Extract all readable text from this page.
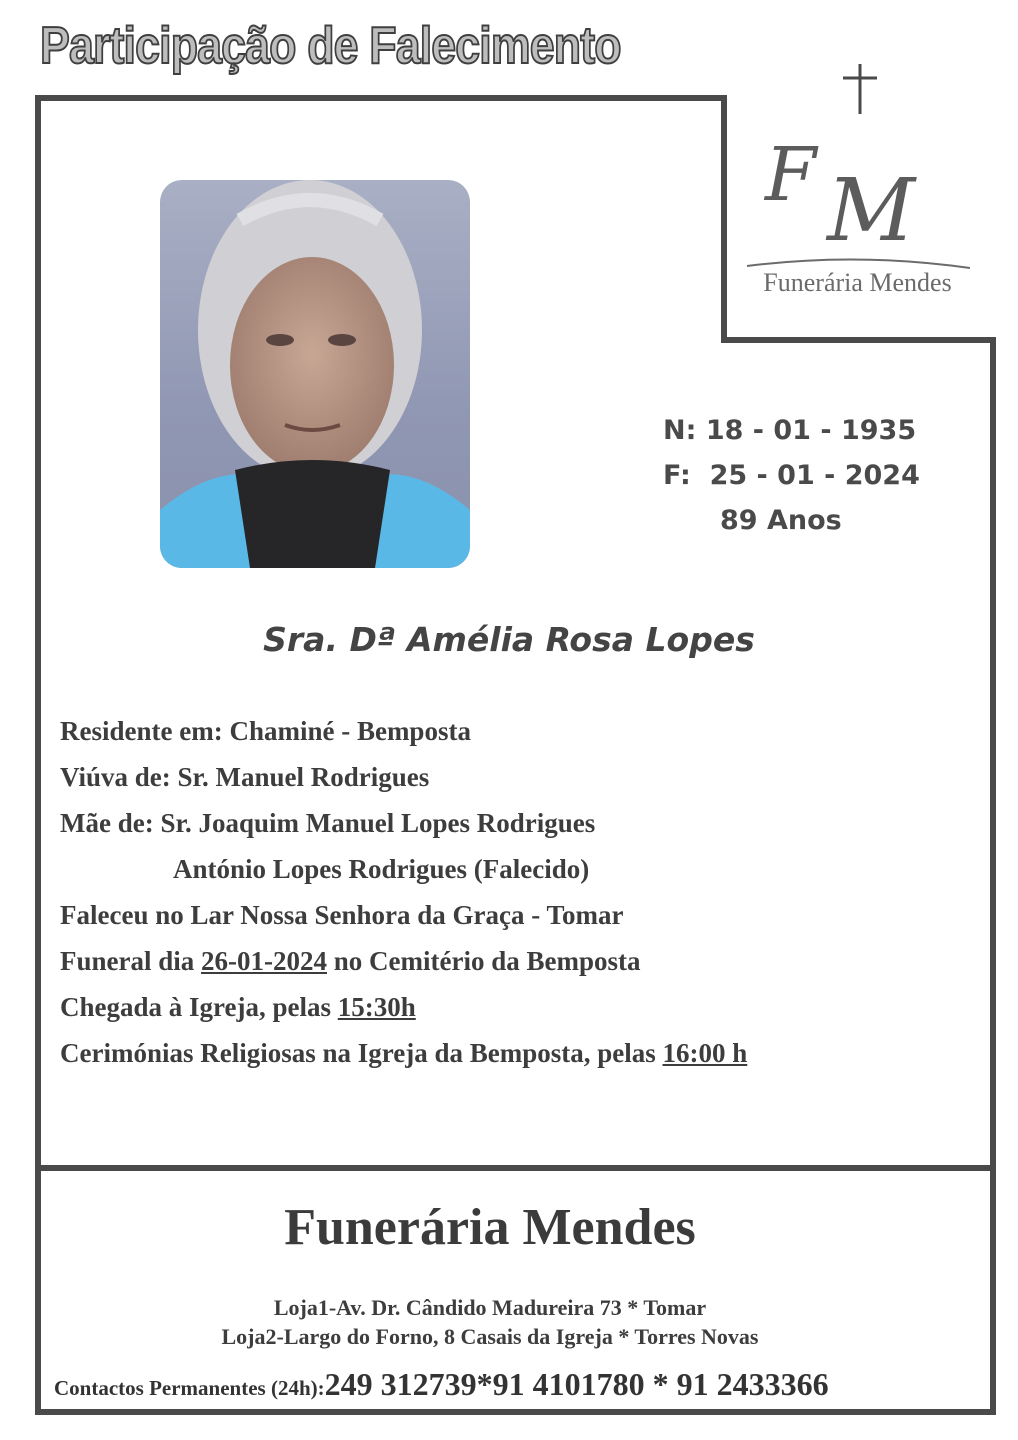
Participação de Falecimento
F M
Funerária Mendes
N: 18 - 01 - 1935
F: 25 - 01 - 2024
89 Anos
Sra. Dª Amélia Rosa Lopes
Residente em: Chaminé - Bemposta
Viúva de: Sr. Manuel Rodrigues
Mãe de: Sr. Joaquim Manuel Lopes Rodrigues
António Lopes Rodrigues (Falecido)
Faleceu no Lar Nossa Senhora da Graça - Tomar
Funeral dia 26-01-2024 no Cemitério da Bemposta
Chegada à Igreja, pelas 15:30h
Cerimónias Religiosas na Igreja da Bemposta, pelas 16:00 h
Funerária Mendes
Loja1-Av. Dr. Cândido Madureira 73 * Tomar
Loja2-Largo do Forno, 8 Casais da Igreja * Torres Novas
Contactos Permanentes (24h):249 312739*91 4101780 * 91 2433366
